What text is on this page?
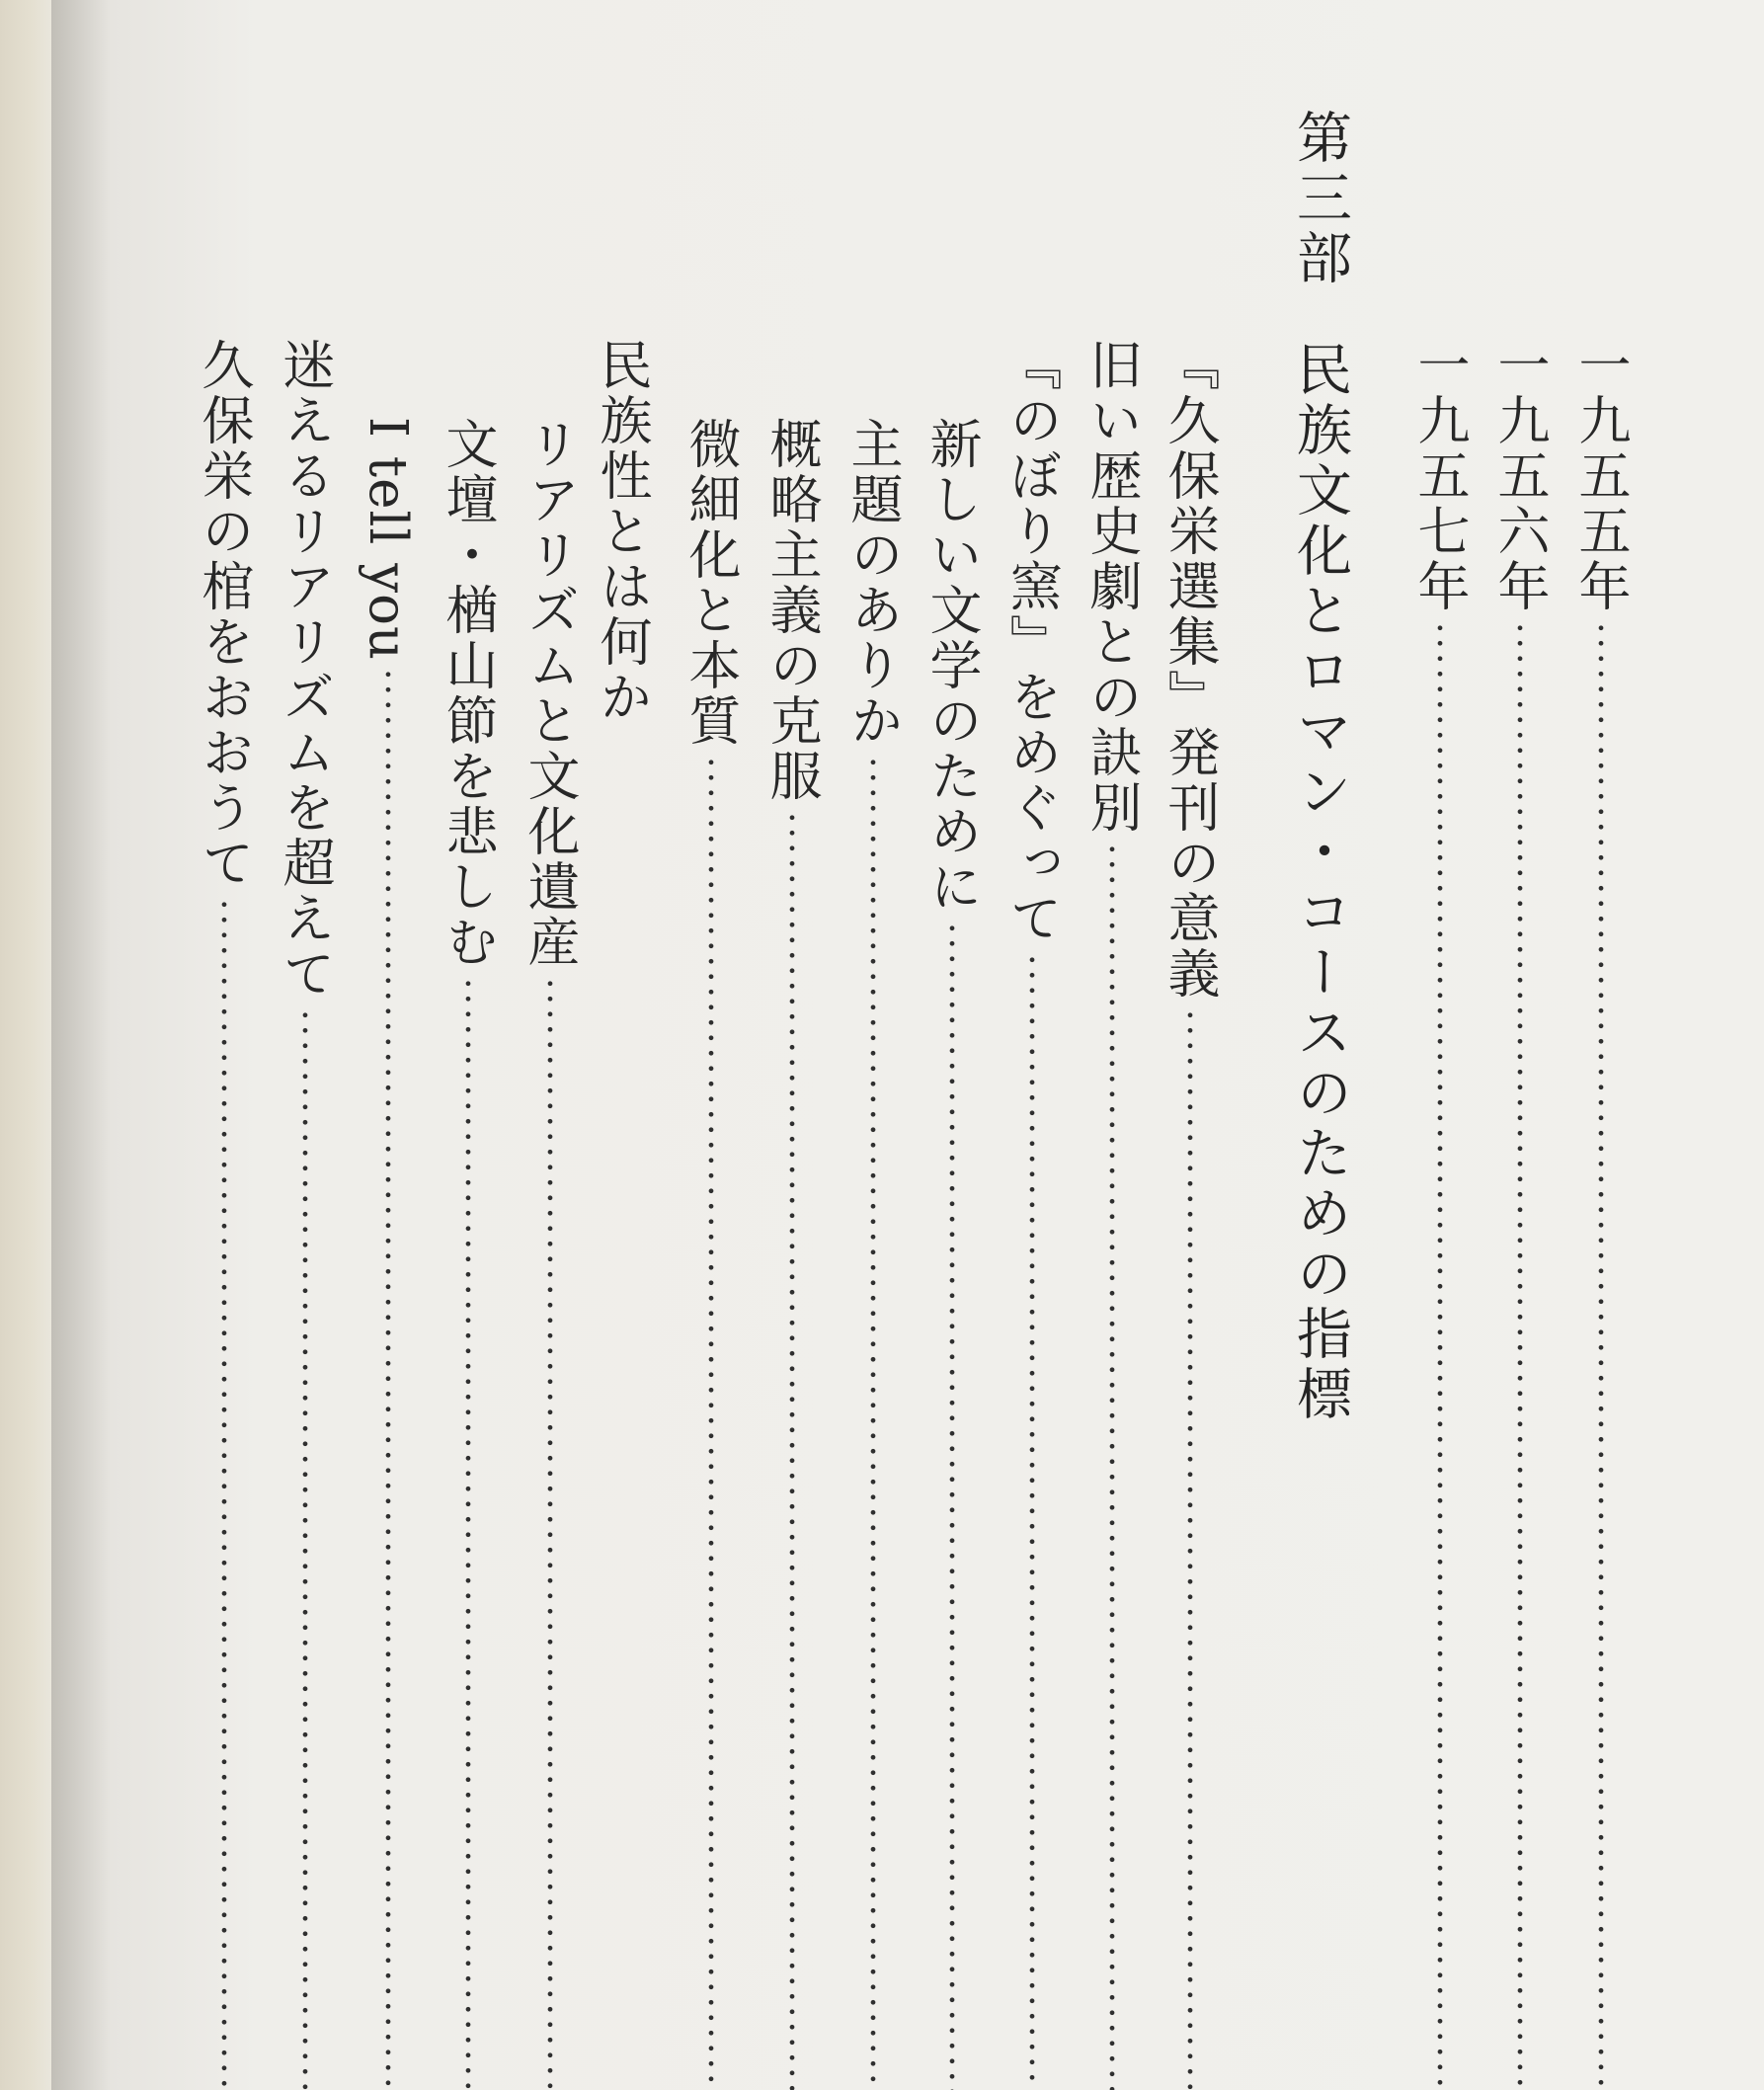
一九五五年
一九五六年
一九五七年
第三部
民族文化とロマン・コースのための指標
『久保栄選集』発刊の意義
旧い歴史劇との訣別
『のぼり窯』をめぐって
新しい文学のために
主題のありか
概略主義の克服
微細化と本質
民族性とは何か
リアリズムと文化遺産
文壇・楢山節を悲しむ
I tell you
迷えるリアリズムを超えて
久保栄の棺をおおうて
